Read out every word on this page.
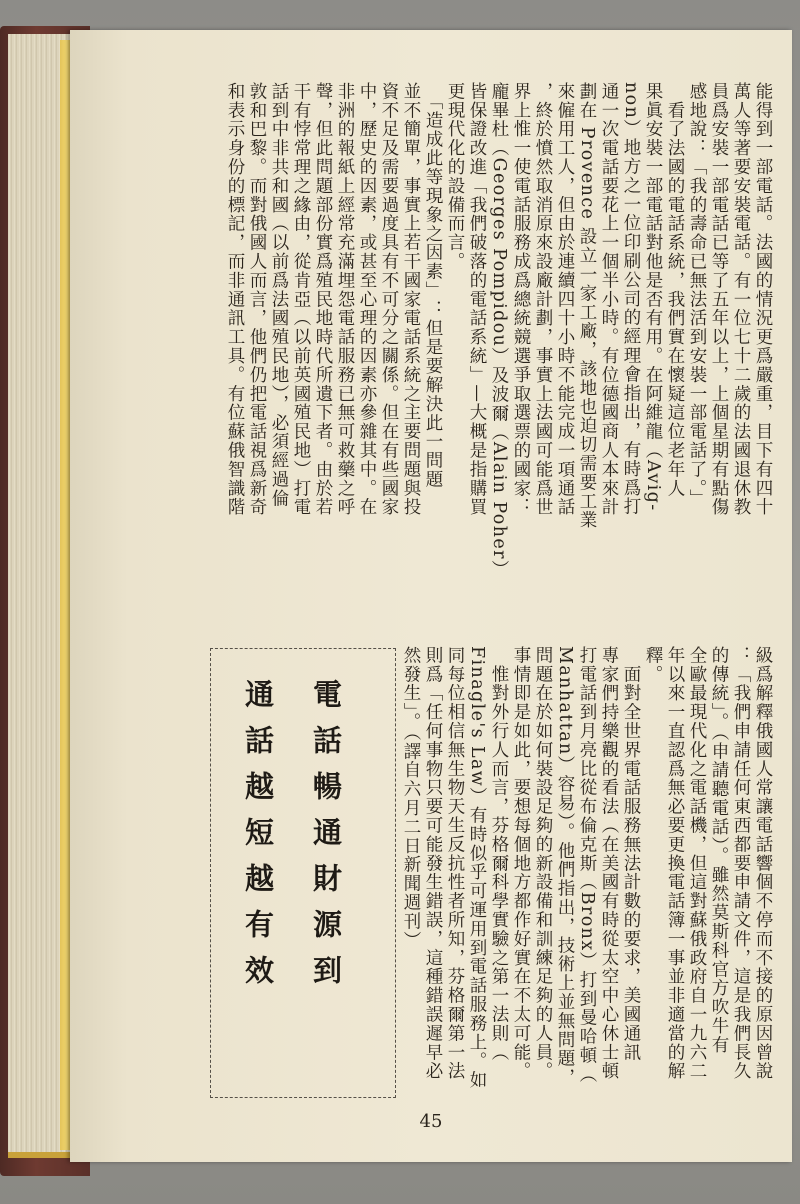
能得到一部電話。法國的情況更爲嚴重，目下有四十
萬人等著要安裝電話。有一位七十二歲的法國退休教
員爲安裝一部電話已等了五年以上，上個星期有點傷
感地說：「我的壽命已無法活到安裝一部電話了。」
　看了法國的電話系統，我們實在懷疑這位老年人
果眞安裝一部電話對他是否有用。在阿維龍（Avig-
non）地方之一位印刷公司的經理會指出，有時爲打
通一次電話要花上一個半小時。有位德國商人本來計
劃在 Provence 設立一家工廠，該地也迫切需要工業
來僱用工人，但由於連續四十小時不能完成一項通話
，終於憤然取消原來設廠計劃，事實上法國可能爲世
界上惟一使電話服務成爲總統競選爭取選票的國家：
龐畢杜（Georges Pompidou）及波爾（Alain Poher）
皆保證改進「我們破落的電話系統」—大概是指購買
更現代化的設備而言。
　「造成此等現象之因素」：但是要解決此一問題
並不簡單，事實上若干國家電話系統之主要問題與投
資不足及需要過度具有不可分之關係。但在有些國家
中，歷史的因素，或甚至心理的因素亦參雜其中。在
非洲的報紙上經常充滿埋怨電話服務已無可救藥之呼
聲，但此問題部份實爲殖民地時代所遺下者。由於若
干有悖常理之緣由，從肯亞（以前英國殖民地）打電
話到中非共和國（以前爲法國殖民地），必須經過倫
敦和巴黎。而對俄國人而言，他們仍把電話視爲新奇
和表示身份的標記，而非通訊工具。有位蘇俄智識階
級爲解釋俄國人常讓電話響個不停而不接的原因曾說
：「我們申請任何東西都要申請文件，這是我們長久
的傳統」。（申請聽電話）。雖然莫斯科官方吹牛有
全歐最現代化之電話機，但這對蘇俄政府自一九六二
年以來一直認爲無必要更換電話簿一事並非適當的解
釋。
　面對全世界電話服務無法計數的要求，美國通訊
專家們持樂觀的看法（在美國有時從太空中心休士頓
打電話到月亮比從布倫克斯（Bronx）打到曼哈頓（
Manhattan）容易）。他們指出，技術上並無問題，
問題在於如何裝設足夠的新設備和訓練足夠的人員。
事情即是如此，要想每個地方都作好實在不太可能。
　惟對外行人而言，芬格爾科學實驗之第一法則（
Finagle's Law）有時似乎可運用到電話服務上。如
同每位相信無生物天生反抗性者所知，芬格爾第一法
則爲「任何事物只要可能發生錯誤，這種錯誤遲早必
然發生」。（譯自六月二日新聞週刊）
電話暢通財源到
通話越短越有效
45
